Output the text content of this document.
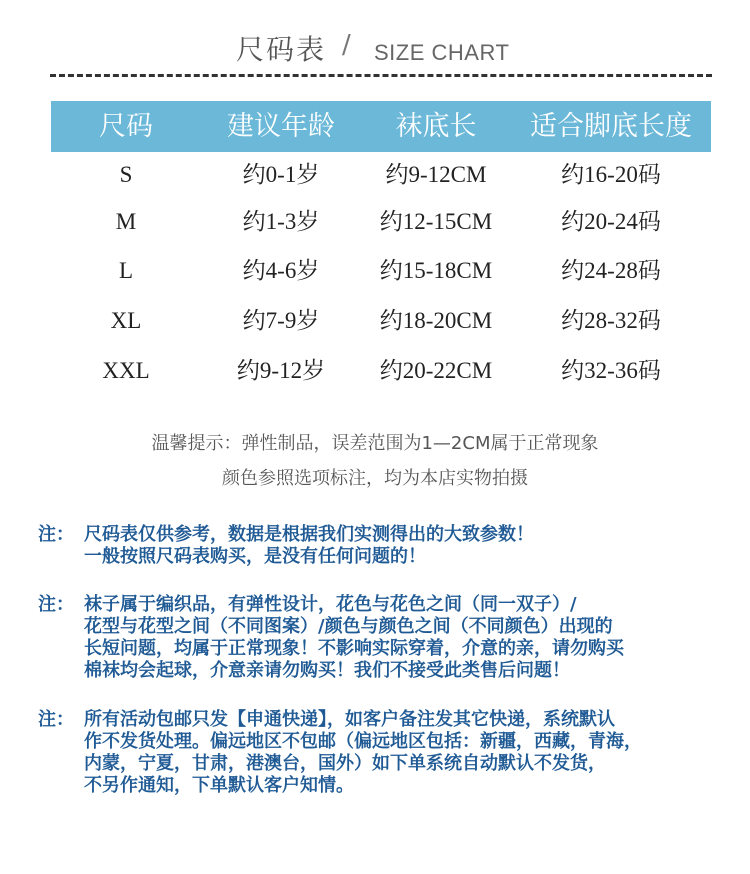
尺码表 / SIZE CHART
尺码	建议年龄	袜底长	适合脚底长度
S	约0-1岁	约9-12CM	约16-20码
M	约1-3岁	约12-15CM	约20-24码
L	约4-6岁	约15-18CM	约24-28码
XL	约7-9岁	约18-20CM	约28-32码
XXL	约9-12岁	约20-22CM	约32-36码
温馨提示：弹性制品，误差范围为1—2CM属于正常现象
颜色参照选项标注，均为本店实物拍摄
注： 尺码表仅供参考，数据是根据我们实测得出的大致参数！
一般按照尺码表购买，是没有任何问题的！
注： 袜子属于编织品，有弹性设计，花色与花色之间（同一双子）/
花型与花型之间（不同图案）/颜色与颜色之间（不同颜色）出现的
长短问题，均属于正常现象！不影响实际穿着，介意的亲，请勿购买
棉袜均会起球，介意亲请勿购买！我们不接受此类售后问题！
注： 所有活动包邮只发【申通快递】，如客户备注发其它快递，系统默认
作不发货处理。偏远地区不包邮（偏远地区包括：新疆，西藏，青海，
内蒙，宁夏，甘肃，港澳台，国外）如下单系统自动默认不发货，
不另作通知，下单默认客户知情。
